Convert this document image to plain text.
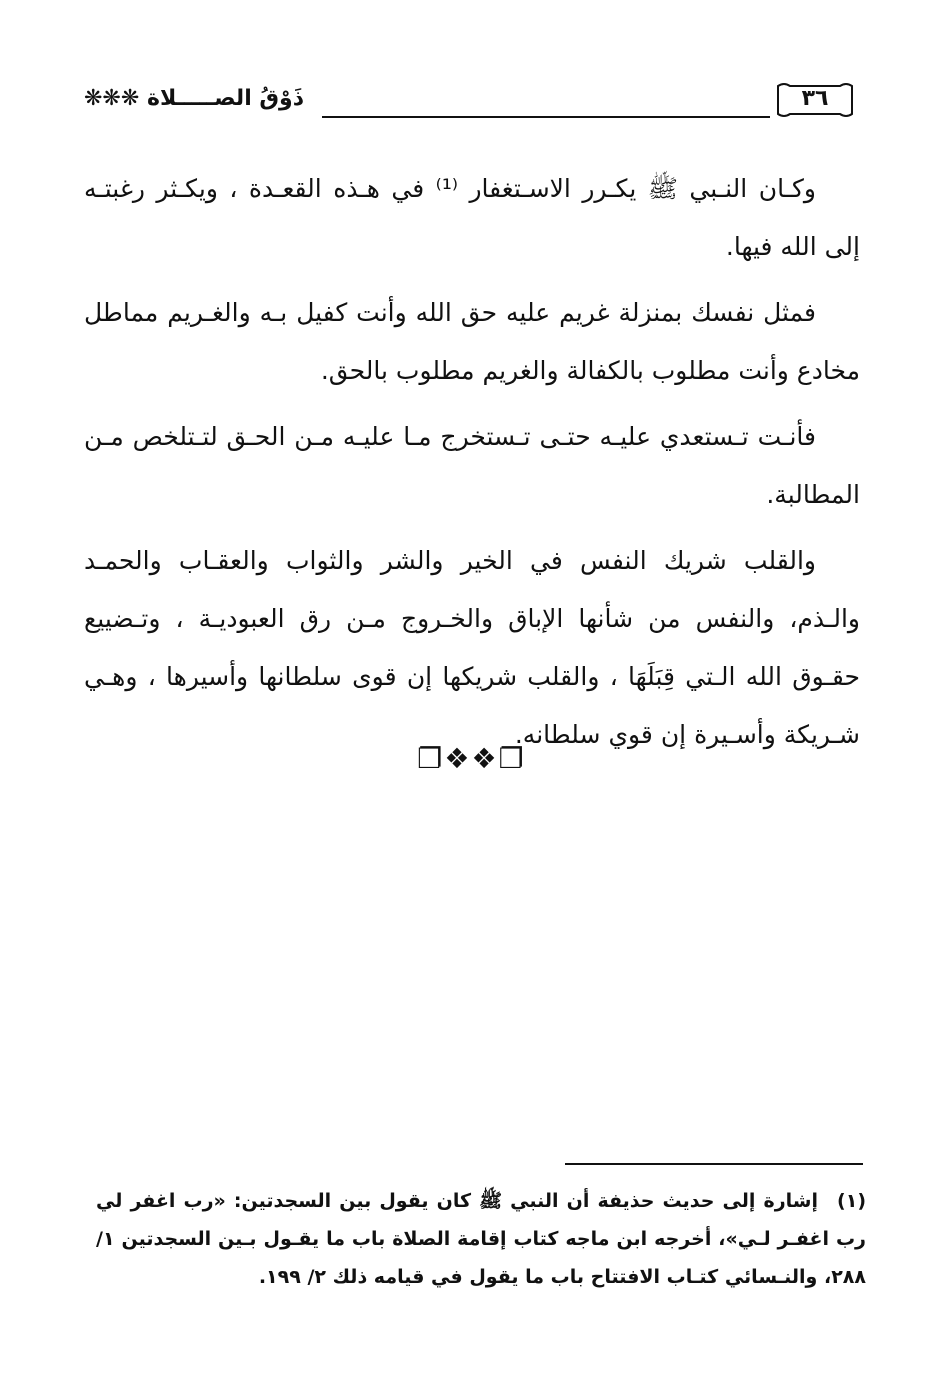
ذَوْقُ الصـــــلاة ❋❋❋	٣٦

وكـان النـبي ﷺ يكـرر الاسـتغفار ⁽¹⁾ في هـذه القعـدة ، ويكـثر رغبتـه إلى الله فيها.

فمثل نفسك بمنزلة غريم عليه حق الله وأنت كفيل بـه والغـريم مماطل مخادع وأنت مطلوب بالكفالة والغريم مطلوب بالحق.

فأنـت تـستعدي عليـه حتـى تـستخرج مـا عليـه مـن الحـق لتـتلخص مـن المطالبة.

والقلب شريك النفس في الخير والشر والثواب والعقـاب والحمـد والـذم، والنفس من شأنها الإباق والخـروج مـن رق العبوديـة ، وتـضييع حقـوق الله الـتي قِبَلَهَا ، والقلب شريكها إن قوى سلطانها وأسيرها ، وهـي شـريكة وأسـيرة إن قوي سلطانه.

❐❖❖❐
(١)إشارة إلى حديث حذيفة أن النبي ﷺ كان يقول بين السجدتين: «رب اغفر لي رب اغفـر لـي»، أخرجه ابن ماجه كتاب إقامة الصلاة باب ما يقـول بـين السجدتين ١/ ٢٨٨، والنـسائي كتـاب الافتتاح باب ما يقول في قيامه ذلك ٢/ ١٩٩.
